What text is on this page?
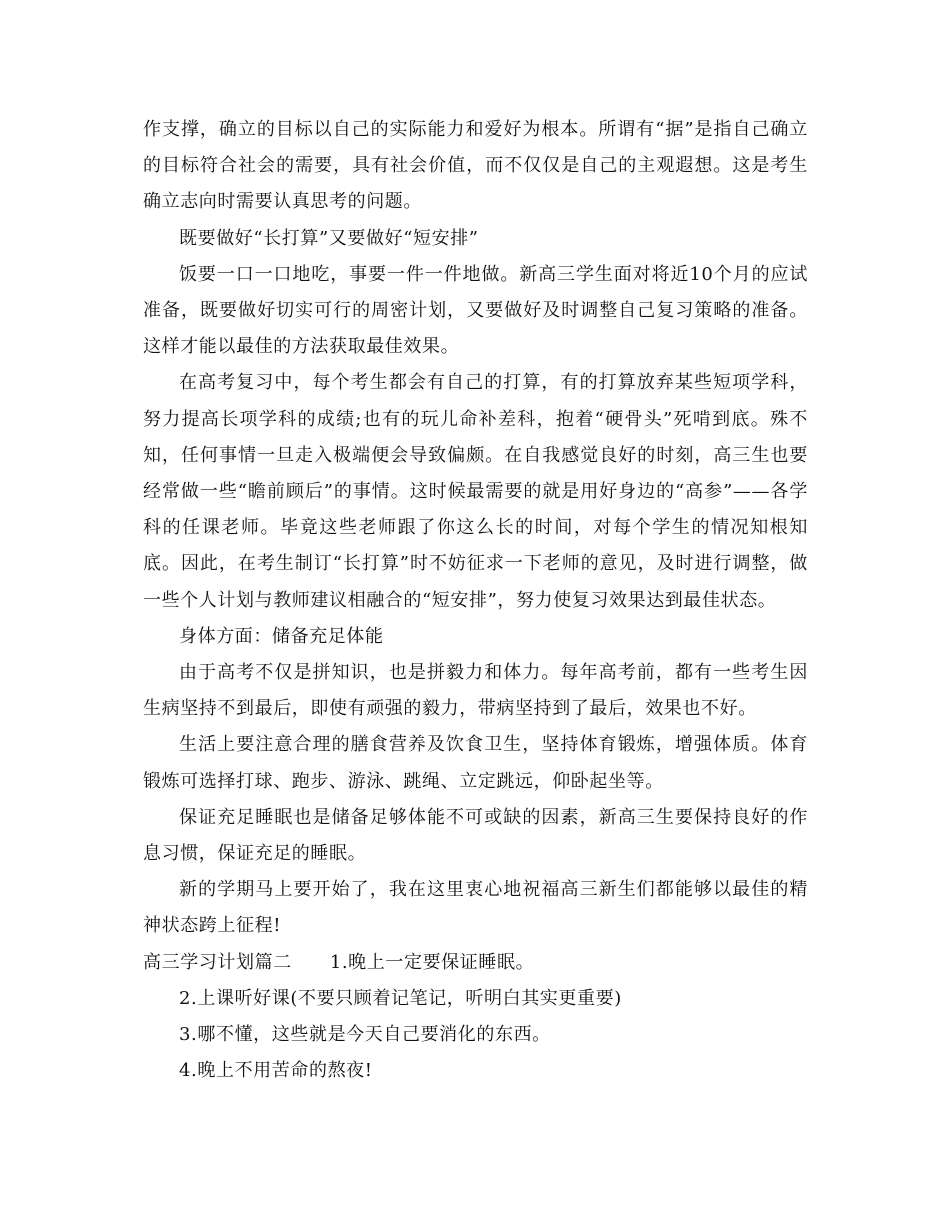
作支撑，确立的目标以自己的实际能力和爱好为根本。所谓有“据”是指自己确立的目标符合社会的需要，具有社会价值，而不仅仅是自己的主观遐想。这是考生确立志向时需要认真思考的问题。

既要做好“长打算”又要做好“短安排”

饭要一口一口地吃，事要一件一件地做。新高三学生面对将近10个月的应试准备，既要做好切实可行的周密计划，又要做好及时调整自己复习策略的准备。这样才能以最佳的方法获取最佳效果。

在高考复习中，每个考生都会有自己的打算，有的打算放弃某些短项学科，努力提高长项学科的成绩;也有的玩儿命补差科，抱着“硬骨头”死啃到底。殊不知，任何事情一旦走入极端便会导致偏颇。在自我感觉良好的时刻，高三生也要经常做一些“瞻前顾后”的事情。这时候最需要的就是用好身边的“高参”——各学科的任课老师。毕竟这些老师跟了你这么长的时间，对每个学生的情况知根知底。因此，在考生制订“长打算”时不妨征求一下老师的意见，及时进行调整，做一些个人计划与教师建议相融合的“短安排”，努力使复习效果达到最佳状态。

身体方面：储备充足体能

由于高考不仅是拼知识，也是拼毅力和体力。每年高考前，都有一些考生因生病坚持不到最后，即使有顽强的毅力，带病坚持到了最后，效果也不好。

生活上要注意合理的膳食营养及饮食卫生，坚持体育锻炼，增强体质。体育锻炼可选择打球、跑步、游泳、跳绳、立定跳远，仰卧起坐等。

保证充足睡眠也是储备足够体能不可或缺的因素，新高三生要保持良好的作息习惯，保证充足的睡眠。

新的学期马上要开始了，我在这里衷心地祝福高三新生们都能够以最佳的精神状态跨上征程!

高三学习计划篇二 1.晚上一定要保证睡眠。

2.上课听好课(不要只顾着记笔记，听明白其实更重要)

3.哪不懂，这些就是今天自己要消化的东西。

4.晚上不用苦命的熬夜!
